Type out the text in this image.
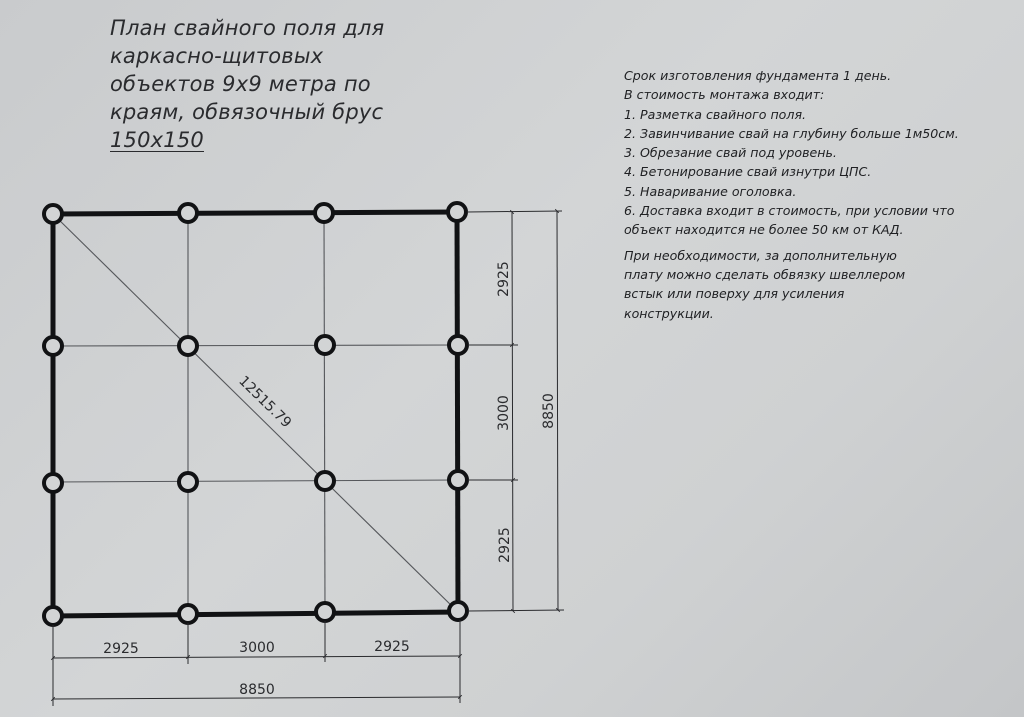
План свайного поля для
каркасно-щитовых
объектов 9х9 метра по
краям, обвязочный брус
150х150
Срок изготовления фундамента 1 день.
В стоимость монтажа входит:
1. Разметка свайного поля.
2. Завинчивание свай на глубину больше 1м50см.
3. Обрезание свай под уровень.
4. Бетонирование свай изнутри ЦПС.
5. Наваривание оголовка.
6. Доставка входит в стоимость, при условии что
объект находится не более 50 км от КАД.
При необходимости, за дополнительную
плату можно сделать обвязку швеллером
встык или поверху для усиления
конструкции.
2925	3000	2925
8850
2925
3000
2925
8850
12515.79
